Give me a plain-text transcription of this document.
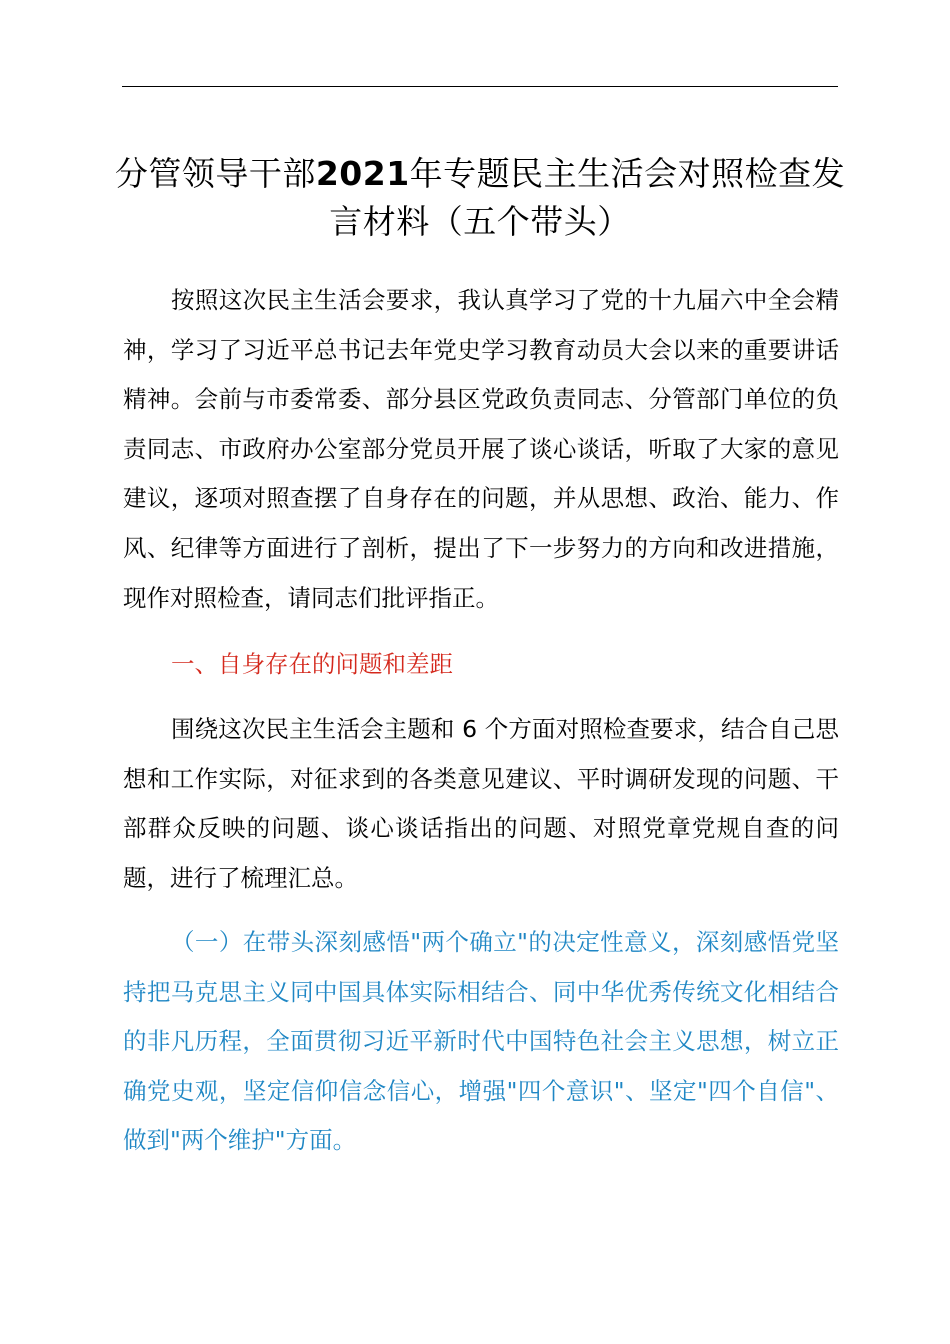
分管领导干部2021年专题民主生活会对照检查发言材料（五个带头）

按照这次民主生活会要求，我认真学习了党的十九届六中全会精神，学习了习近平总书记去年党史学习教育动员大会以来的重要讲话精神。会前与市委常委、部分县区党政负责同志、分管部门单位的负责同志、市政府办公室部分党员开展了谈心谈话，听取了大家的意见建议，逐项对照查摆了自身存在的问题，并从思想、政治、能力、作风、纪律等方面进行了剖析，提出了下一步努力的方向和改进措施，现作对照检查，请同志们批评指正。

一、自身存在的问题和差距

围绕这次民主生活会主题和 6 个方面对照检查要求，结合自己思想和工作实际，对征求到的各类意见建议、平时调研发现的问题、干部群众反映的问题、谈心谈话指出的问题、对照党章党规自查的问题，进行了梳理汇总。

（一）在带头深刻感悟"两个确立"的决定性意义，深刻感悟党坚持把马克思主义同中国具体实际相结合、同中华优秀传统文化相结合的非凡历程，全面贯彻习近平新时代中国特色社会主义思想，树立正确党史观，坚定信仰信念信心，增强"四个意识"、坚定"四个自信"、做到"两个维护"方面。
